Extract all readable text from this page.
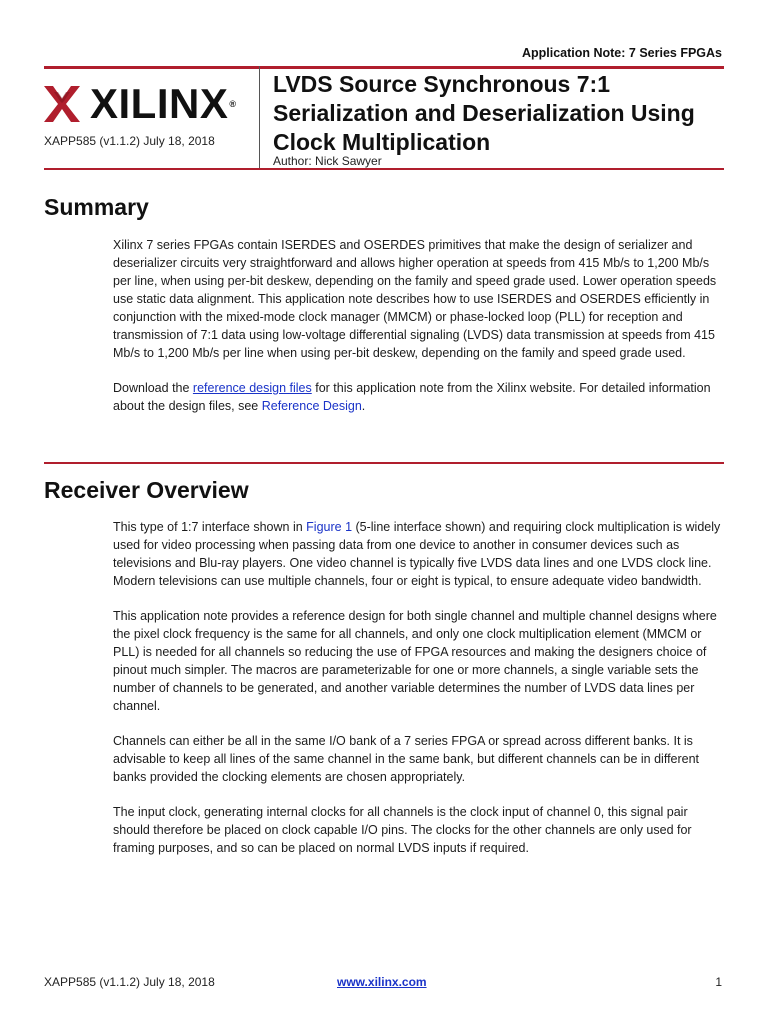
Application Note: 7 Series FPGAs
XILINX®
XAPP585 (v1.1.2) July 18, 2018
LVDS Source Synchronous 7:1 Serialization and Deserialization Using Clock Multiplication
Author: Nick Sawyer
Summary

Xilinx 7 series FPGAs contain ISERDES and OSERDES primitives that make the design of serializer and deserializer circuits very straightforward and allows higher operation at speeds from 415 Mb/s to 1,200 Mb/s per line, when using per-bit deskew, depending on the family and speed grade used. Lower operation speeds use static data alignment. This application note describes how to use ISERDES and OSERDES efficiently in conjunction with the mixed-mode clock manager (MMCM) or phase-locked loop (PLL) for reception and transmission of 7:1 data using low-voltage differential signaling (LVDS) data transmission at speeds from 415 Mb/s to 1,200 Mb/s per line when using per-bit deskew, depending on the family and speed grade used.

Download the reference design files for this application note from the Xilinx website. For detailed information about the design files, see Reference Design.

Receiver Overview

This type of 1:7 interface shown in Figure 1 (5-line interface shown) and requiring clock multiplication is widely used for video processing when passing data from one device to another in consumer devices such as televisions and Blu-ray players. One video channel is typically five LVDS data lines and one LVDS clock line. Modern televisions can use multiple channels, four or eight is typical, to ensure adequate video bandwidth.

This application note provides a reference design for both single channel and multiple channel designs where the pixel clock frequency is the same for all channels, and only one clock multiplication element (MMCM or PLL) is needed for all channels so reducing the use of FPGA resources and making the designers choice of pinout much simpler. The macros are parameterizable for one or more channels, a single variable sets the number of channels to be generated, and another variable determines the number of LVDS data lines per channel.

Channels can either be all in the same I/O bank of a 7 series FPGA or spread across different banks. It is advisable to keep all lines of the same channel in the same bank, but different channels can be in different banks provided the clocking elements are chosen appropriately.

The input clock, generating internal clocks for all channels is the clock input of channel 0, this signal pair should therefore be placed on clock capable I/O pins. The clocks for the other channels are only used for framing purposes, and so can be placed on normal LVDS inputs if required.

XAPP585 (v1.1.2) July 18, 2018	www.xilinx.com	1
